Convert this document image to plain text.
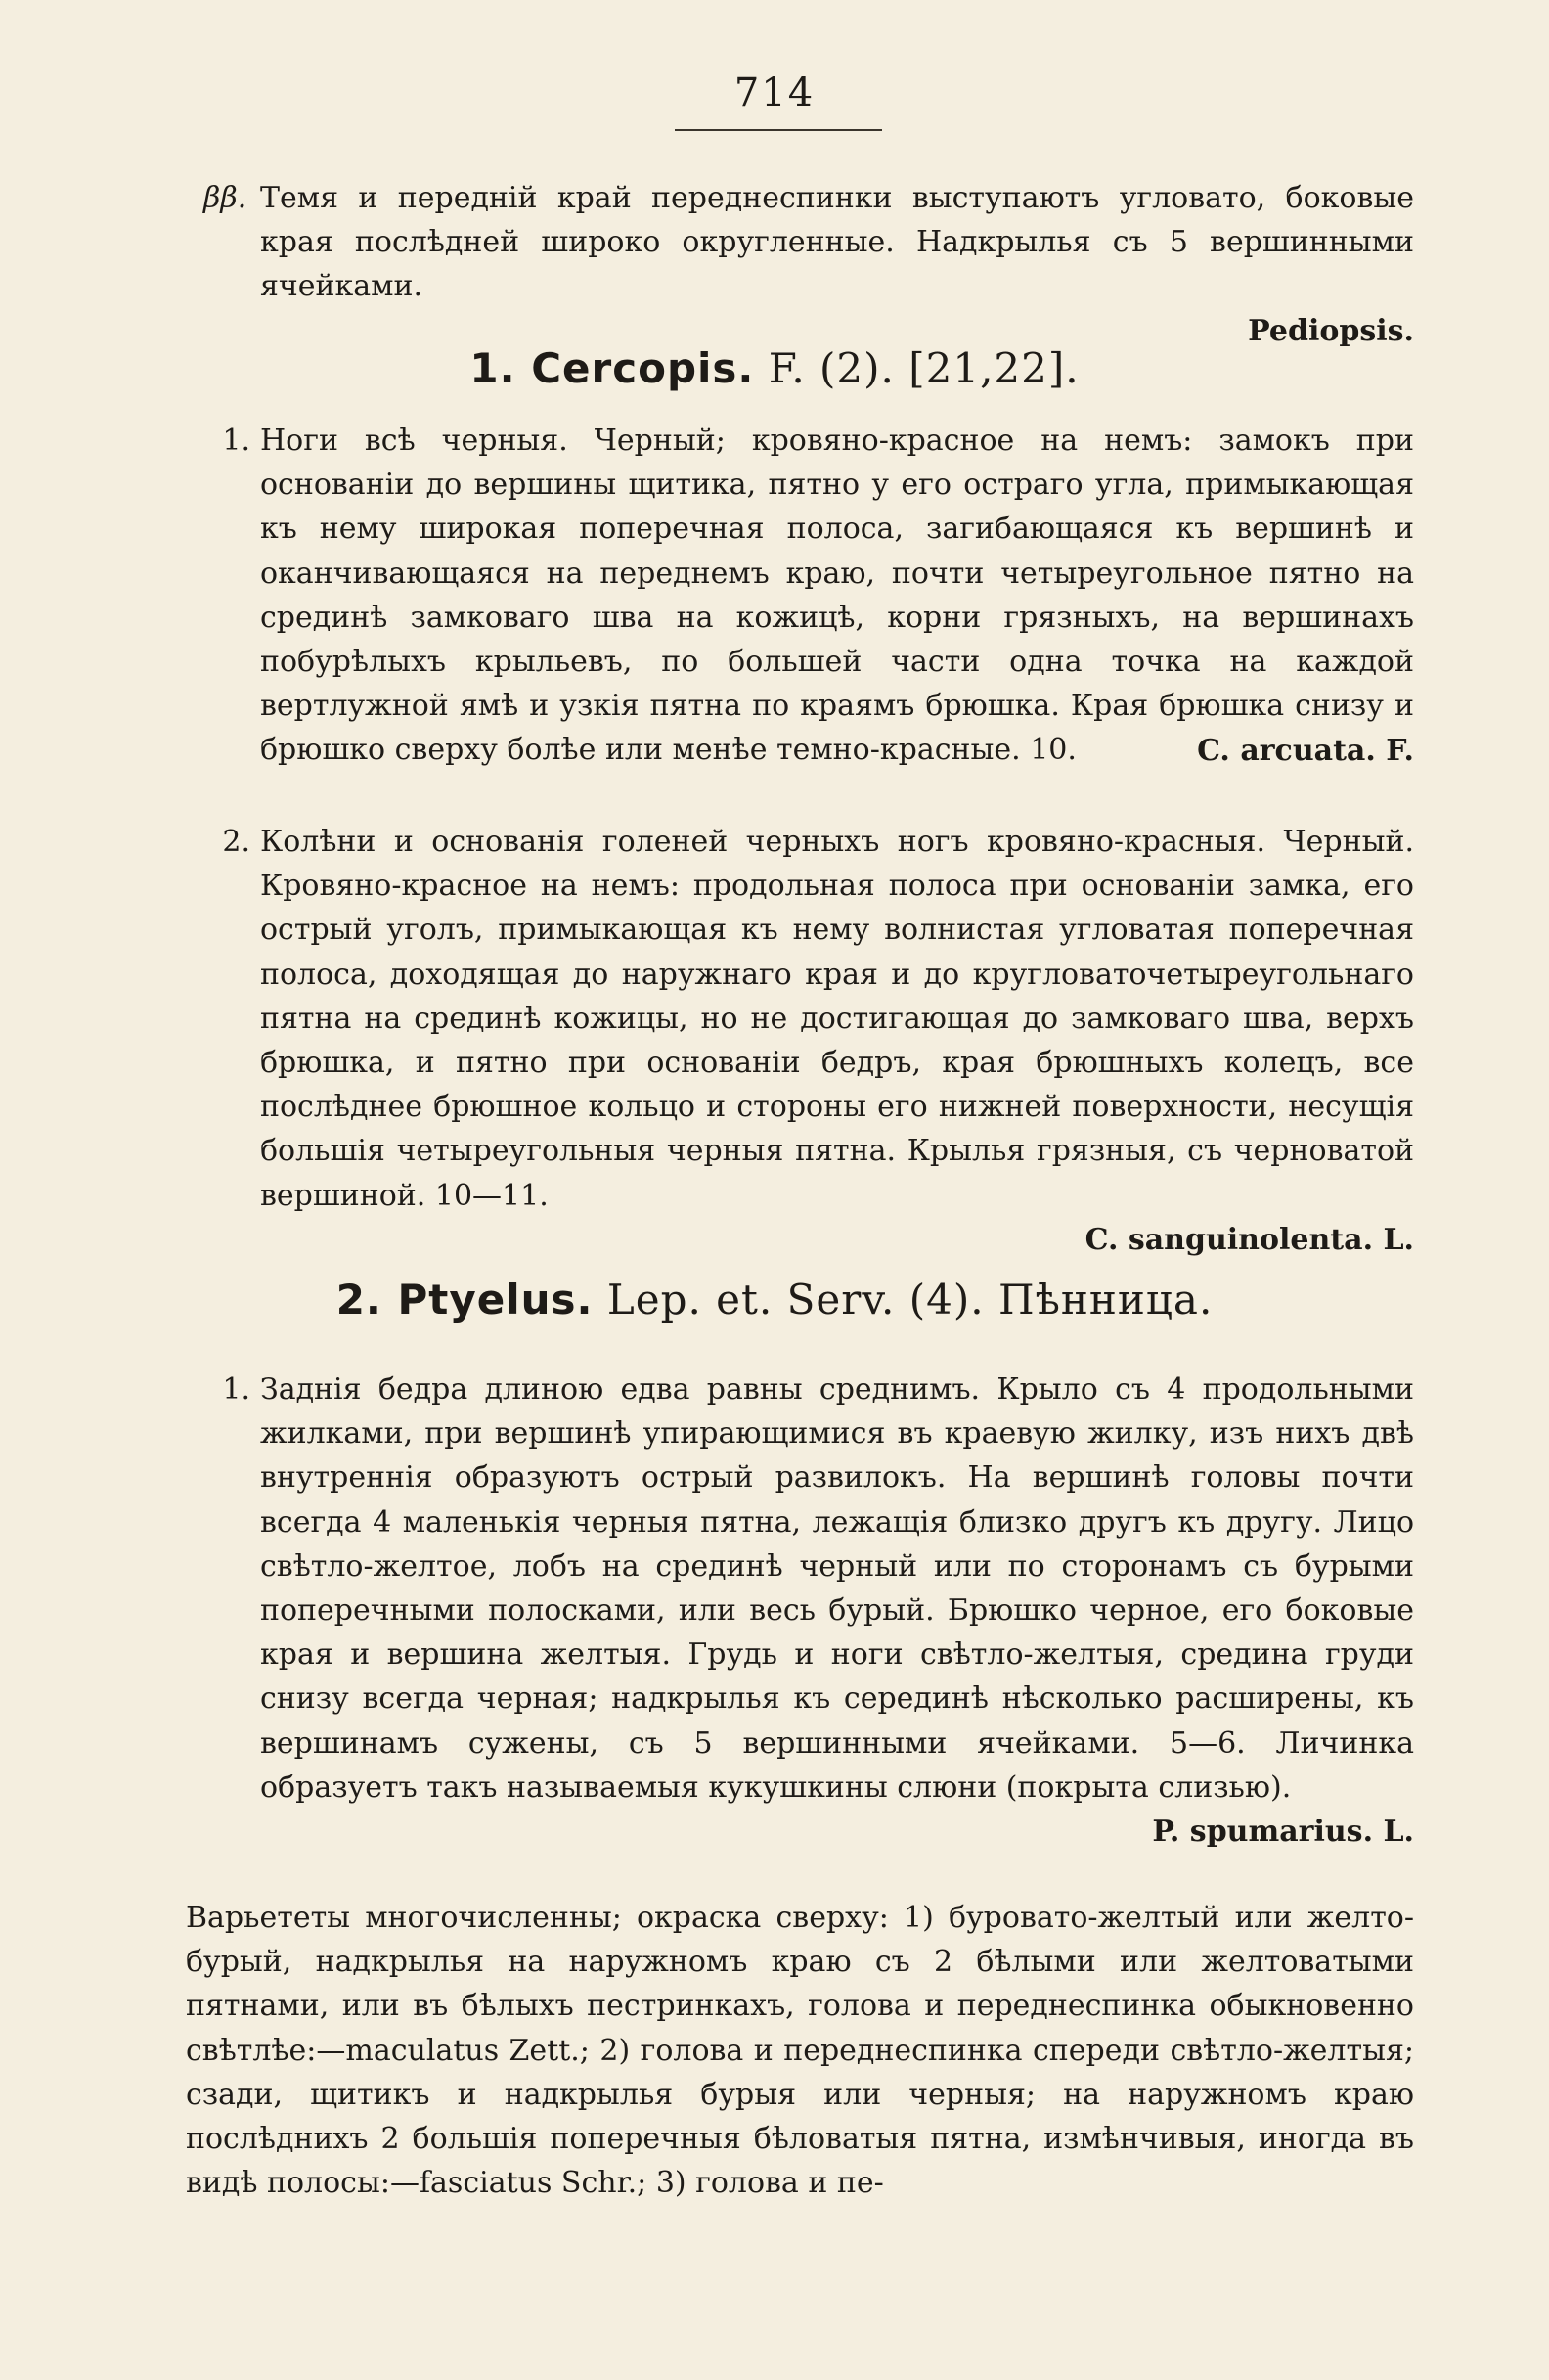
714
ββ. Темя и переднiй край переднеспинки выступаютъ угловато, боковые края послѣдней широко округленные. Надкрылья съ 5 вершинными ячейками.

Pediopsis.

1. Cercopis. F. (2). [21,22].
1. Ноги всѣ черныя. Черный; кровяно-красное на немъ: замокъ при основанiи до вершины щитика, пятно у его остраго угла, примыкающая къ нему широкая поперечная полоса, загибающаяся къ вершинѣ и оканчивающаяся на переднемъ краю, почти четыреугольное пятно на срединѣ замковаго шва на кожицѣ, корни грязныхъ, на вершинахъ побурѣлыхъ крыльевъ, по большей части одна точка на каждой вертлужной ямѣ и узкiя пятна по краямъ брюшка. Края брюшка снизу и брюшко сверху болѣе или менѣе темно-красные. 10.	C. arcuata. F.

2. Колѣни и основанiя голеней черныхъ ногъ кровяно-красныя. Черный. Кровяно-красное на немъ: продольная полоса при основанiи замка, его острый уголъ, примыкающая къ нему волнистая угловатая поперечная полоса, доходящая до наружнаго края и до кругловаточетыреугольнаго пятна на срединѣ кожицы, но не достигающая до замковаго шва, верхъ брюшка, и пятно при основанiи бедръ, края брюшныхъ колецъ, все послѣднее брюшное кольцо и стороны его нижней поверхности, несущiя большiя четыреугольныя черныя пятна. Крылья грязныя, съ черноватой вершиной. 10—11.

C. sanguinolenta. L.

2. Ptyelus. Lep. et. Serv. (4). Пѣнница.
1. Заднiя бедра длиною едва равны среднимъ. Крыло съ 4 продольными жилками, при вершинѣ упирающимися въ краевую жилку, изъ нихъ двѣ внутреннiя образуютъ острый развилокъ. На вершинѣ головы почти всегда 4 маленькiя черныя пятна, лежащiя близко другъ къ другу. Лицо свѣтло-желтое, лобъ на срединѣ черный или по сторонамъ съ бурыми поперечными полосками, или весь бурый. Брюшко черное, его боковые края и вершина желтыя. Грудь и ноги свѣтло-желтыя, средина груди снизу всегда черная; надкрылья къ серединѣ нѣсколько расширены, къ вершинамъ сужены, съ 5 вершинными ячейками. 5—6. Личинка образуетъ такъ называемыя кукушкины слюни (покрыта слизью).

P. spumarius. L.

Варьететы многочисленны; окраска сверху: 1) буровато-желтый или желто-бурый, надкрылья на наружномъ краю съ 2 бѣлыми или желтоватыми пятнами, или въ бѣлыхъ пестринкахъ, голова и переднеспинка обыкновенно свѣтлѣе:—maculatus Zett.; 2) голова и переднеспинка спереди свѣтло-желтыя; сзади, щитикъ и надкрылья бурыя или черныя; на наружномъ краю послѣднихъ 2 большiя поперечныя бѣловатыя пятна, измѣнчивыя, иногда въ видѣ полосы:—fasciatus Schr.; 3) голова и пе-
